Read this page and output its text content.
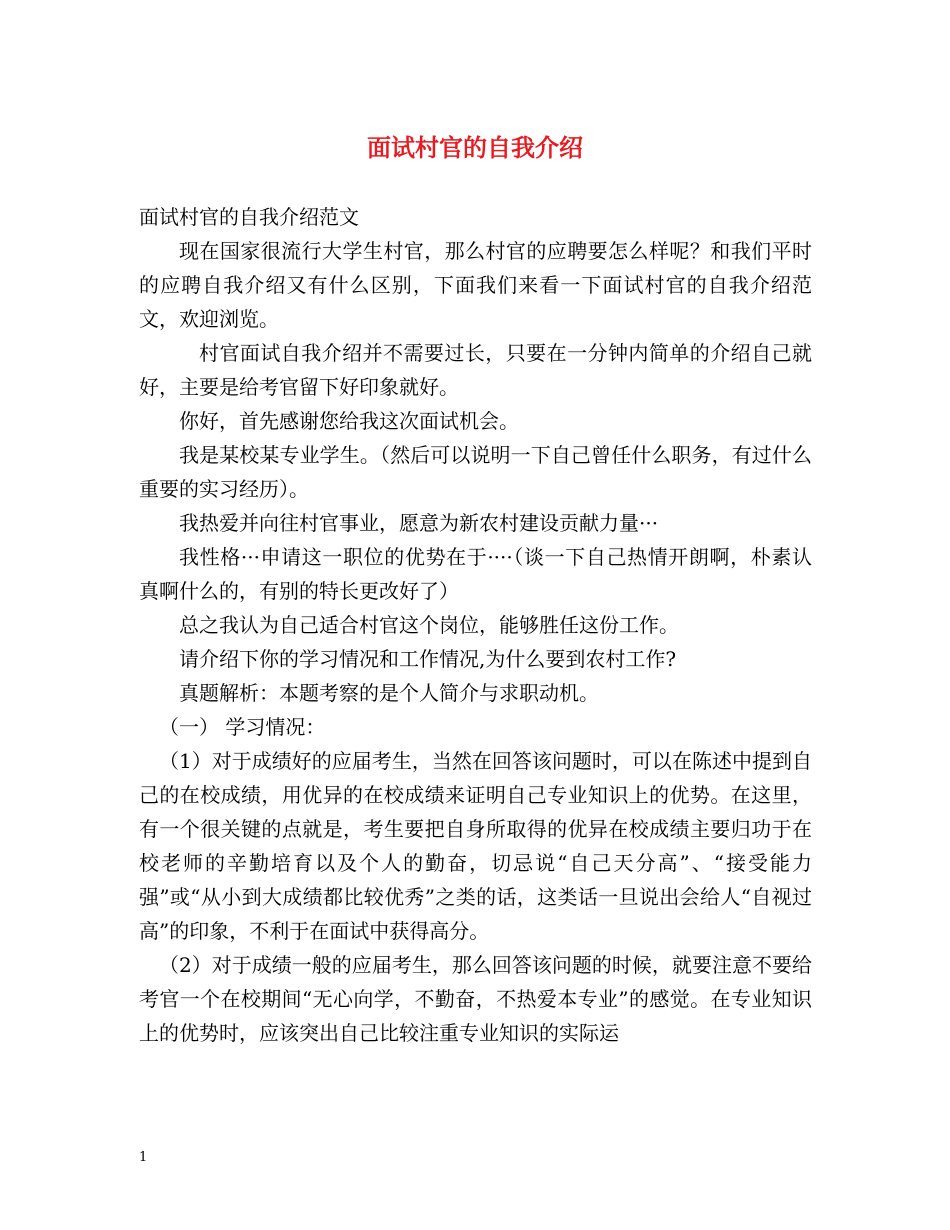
面试村官的自我介绍

面试村官的自我介绍范文

现在国家很流行大学生村官，那么村官的应聘要怎么样呢？和我们平时的应聘自我介绍又有什么区别，下面我们来看一下面试村官的自我介绍范文，欢迎浏览。

村官面试自我介绍并不需要过长，只要在一分钟内简单的介绍自己就好，主要是给考官留下好印象就好。

你好，首先感谢您给我这次面试机会。

我是某校某专业学生。（然后可以说明一下自己曾任什么职务，有过什么重要的实习经历）。

我热爱并向往村官事业，愿意为新农村建设贡献力量···

我性格···申请这一职位的优势在于····（谈一下自己热情开朗啊，朴素认真啊什么的，有别的特长更改好了）

总之我认为自己适合村官这个岗位，能够胜任这份工作。

请介绍下你的学习情况和工作情况,为什么要到农村工作?

真题解析：本题考察的是个人简介与求职动机。

（一） 学习情况：

（1）对于成绩好的应届考生，当然在回答该问题时，可以在陈述中提到自己的在校成绩，用优异的在校成绩来证明自己专业知识上的优势。在这里，有一个很关键的点就是，考生要把自身所取得的优异在校成绩主要归功于在校老师的辛勤培育以及个人的勤奋，切忌说“自己天分高”、“接受能力强”或“从小到大成绩都比较优秀”之类的话，这类话一旦说出会给人“自视过高”的印象，不利于在面试中获得高分。

（2）对于成绩一般的应届考生，那么回答该问题的时候，就要注意不要给考官一个在校期间“无心向学，不勤奋，不热爱本专业”的感觉。在专业知识上的优势时，应该突出自己比较注重专业知识的实际运

1
